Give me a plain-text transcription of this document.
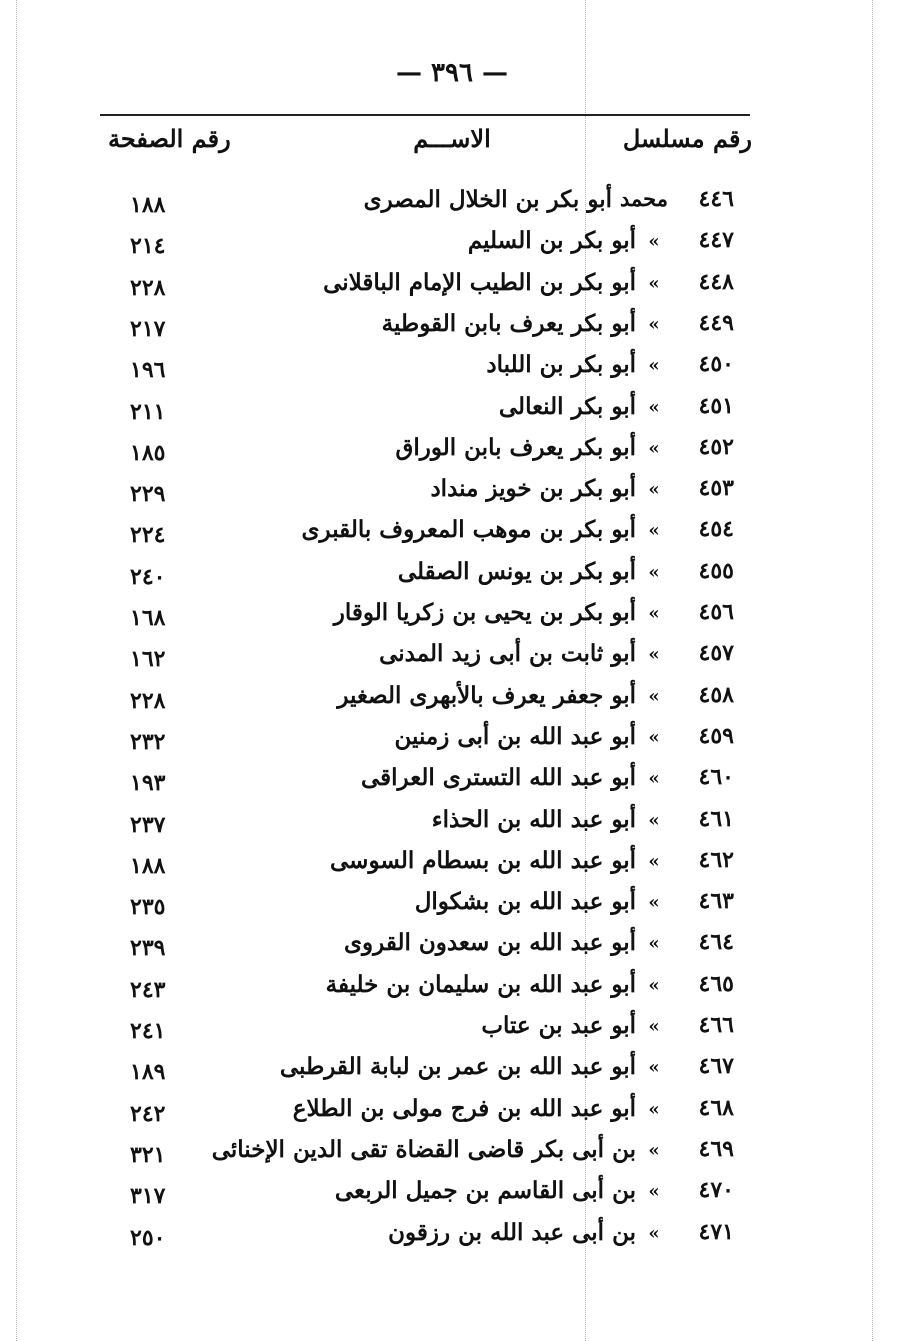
— ٣٩٦ —
رقم مسلسل
الاســـم
رقم الصفحة
٤٤٦
محمد
أبو بكر بن الخلال المصرى
١٨٨
٤٤٧
»
أبو بكر بن السليم
٢١٤
٤٤٨
»
أبو بكر بن الطيب الإمام الباقلانى
٢٢٨
٤٤٩
»
أبو بكر يعرف بابن القوطية
٢١٧
٤٥٠
»
أبو بكر بن اللباد
١٩٦
٤٥١
»
أبو بكر النعالى
٢١١
٤٥٢
»
أبو بكر يعرف بابن الوراق
١٨٥
٤٥٣
»
أبو بكر بن خويز منداد
٢٢٩
٤٥٤
»
أبو بكر بن موهب المعروف بالقبرى
٢٢٤
٤٥٥
»
أبو بكر بن يونس الصقلى
٢٤٠
٤٥٦
»
أبو بكر بن يحيى بن زكريا الوقار
١٦٨
٤٥٧
»
أبو ثابت بن أبى زيد المدنى
١٦٢
٤٥٨
»
أبو جعفر يعرف بالأبهرى الصغير
٢٢٨
٤٥٩
»
أبو عبد الله بن أبى زمنين
٢٣٢
٤٦٠
»
أبو عبد الله التسترى العراقى
١٩٣
٤٦١
»
أبو عبد الله بن الحذاء
٢٣٧
٤٦٢
»
أبو عبد الله بن بسطام السوسى
١٨٨
٤٦٣
»
أبو عبد الله بن بشكوال
٢٣٥
٤٦٤
»
أبو عبد الله بن سعدون القروى
٢٣٩
٤٦٥
»
أبو عبد الله بن سليمان بن خليفة
٢٤٣
٤٦٦
»
أبو عبد بن عتاب
٢٤١
٤٦٧
»
أبو عبد الله بن عمر بن لبابة القرطبى
١٨٩
٤٦٨
»
أبو عبد الله بن فرج مولى بن الطلاع
٢٤٢
٤٦٩
»
بن أبى بكر قاضى القضاة تقى الدين الإخنائى
٣٢١
٤٧٠
»
بن أبى القاسم بن جميل الربعى
٣١٧
٤٧١
»
بن أبى عبد الله بن رزقون
٢٥٠
